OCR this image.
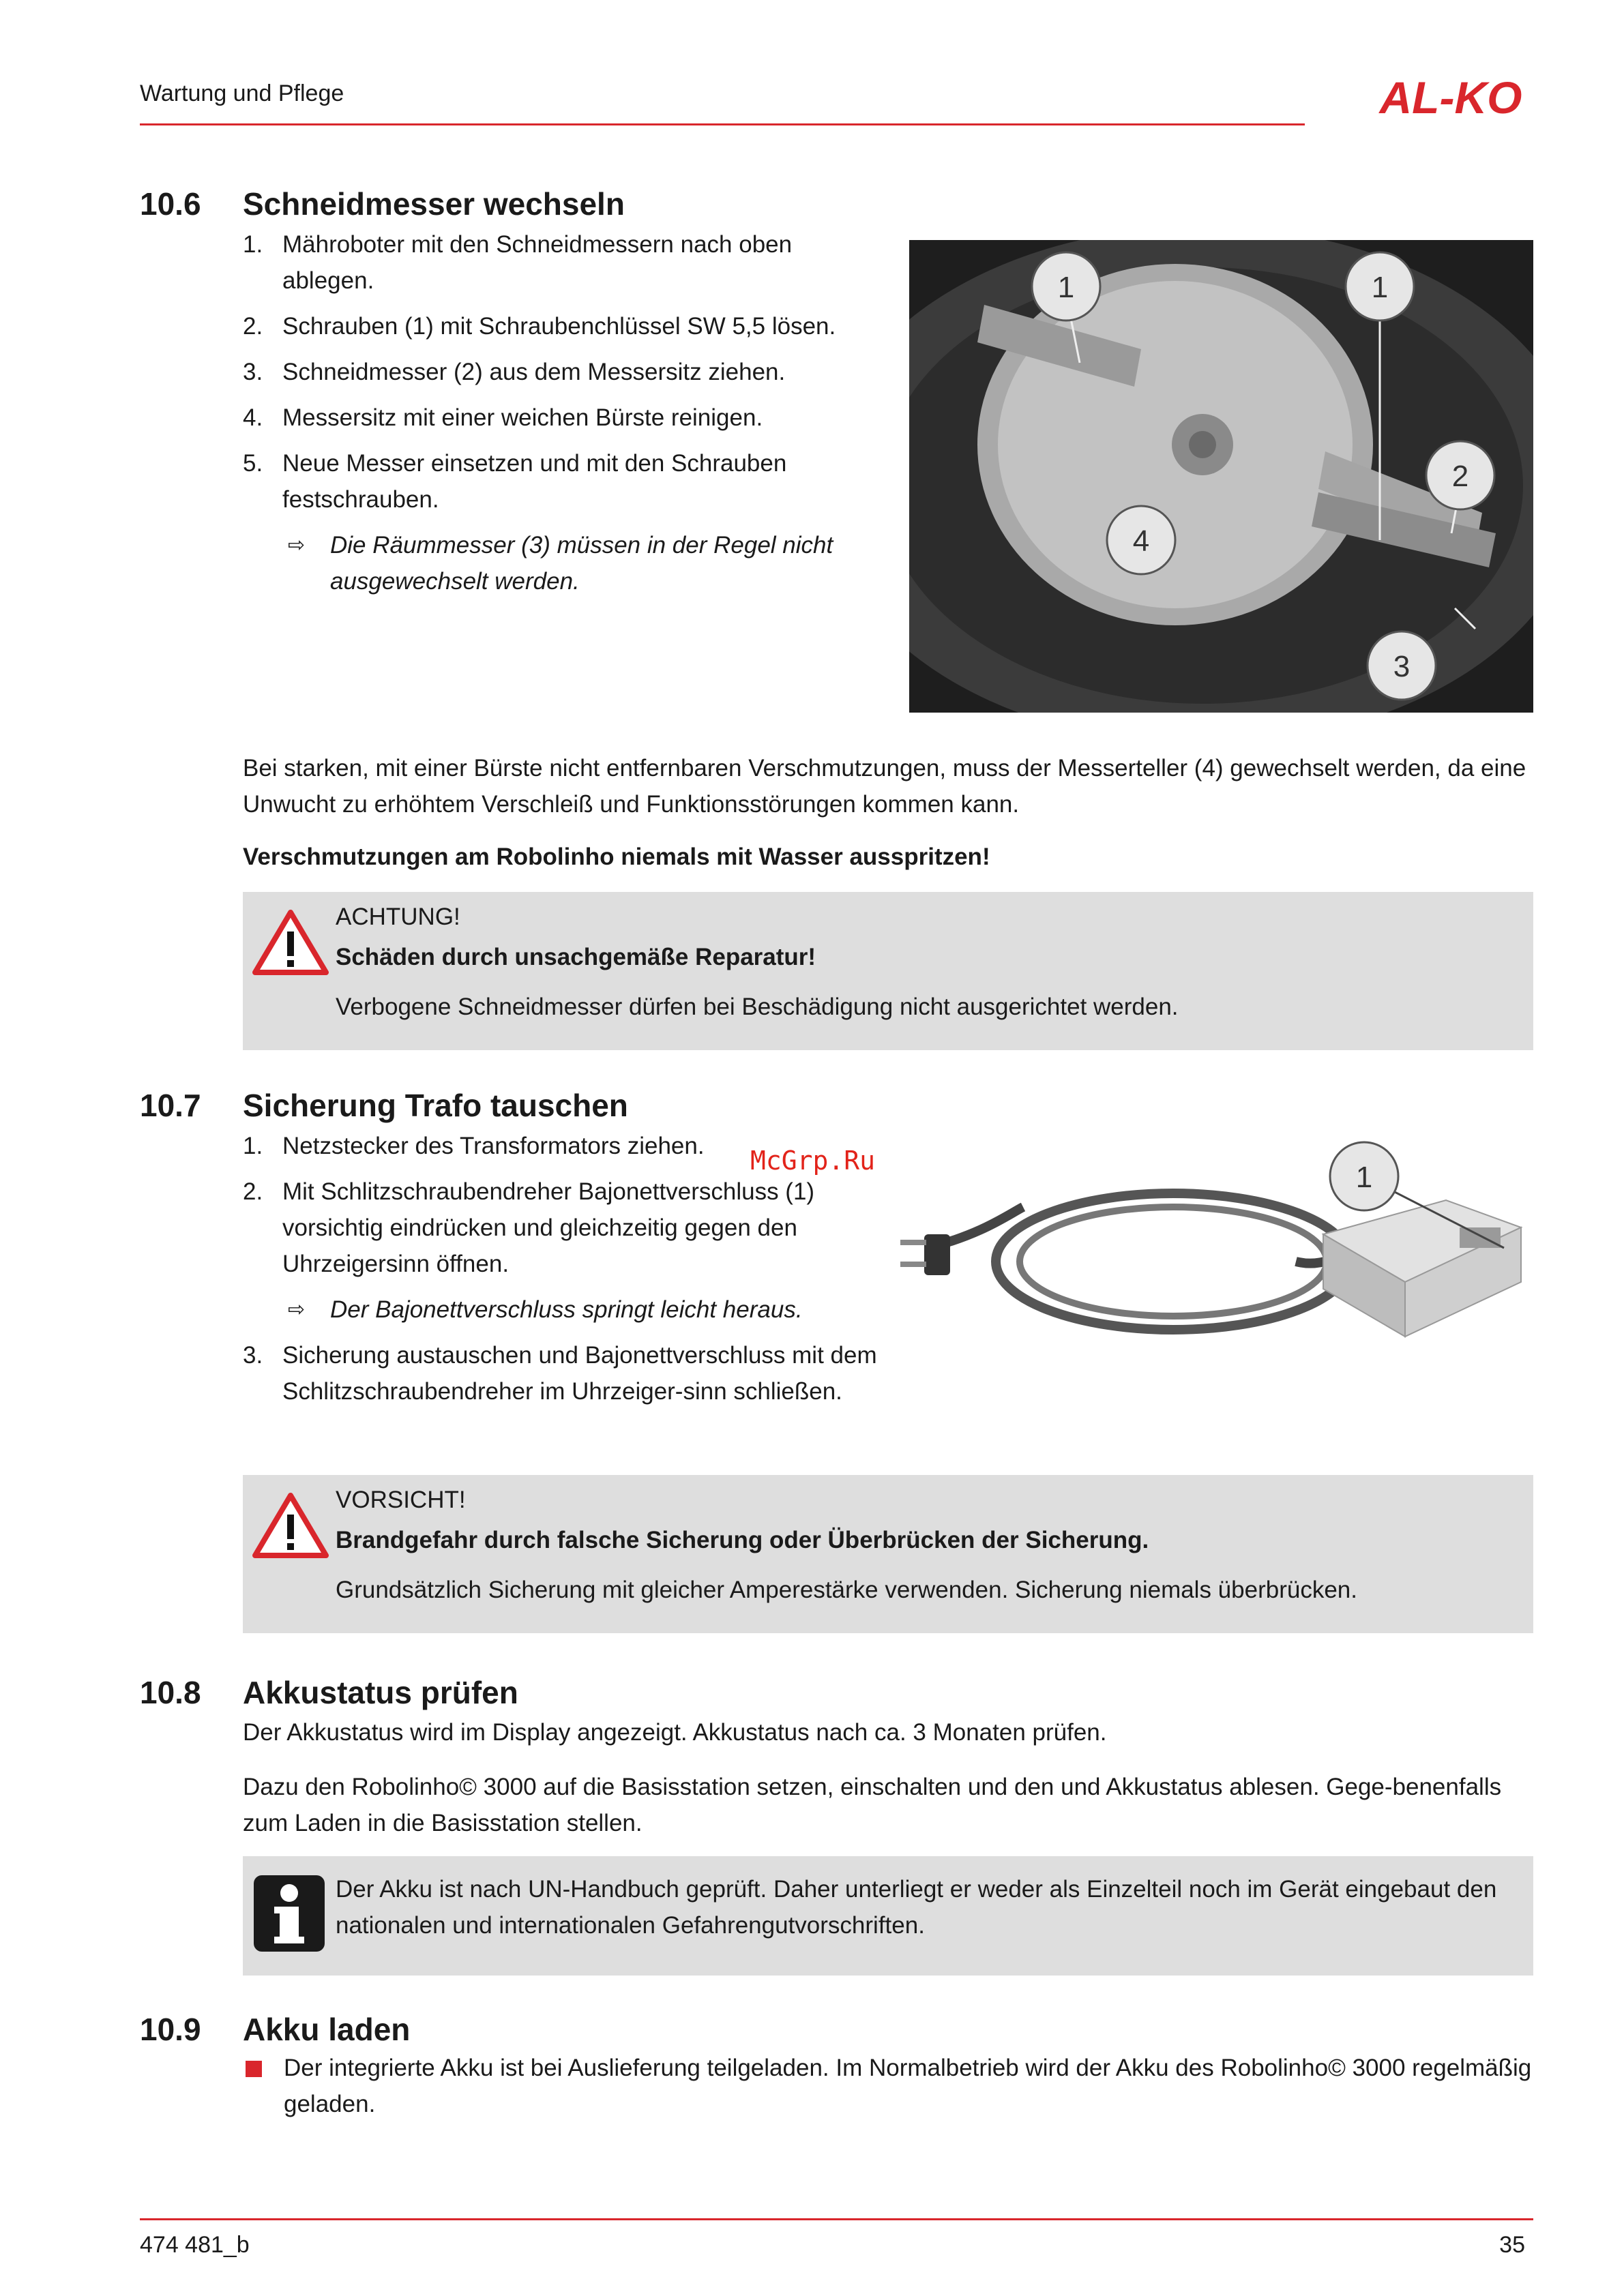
Wartung und Pflege	AL-KO
10.6 Schneidmesser wechseln
1. Mähroboter mit den Schneidmessern nach oben ablegen.
2. Schrauben (1) mit Schraubenchlüssel SW 5,5 lösen.
3. Schneidmesser (2) aus dem Messersitz ziehen.
4. Messersitz mit einer weichen Bürste reinigen.
5. Neue Messer einsetzen und mit den Schrauben festschrauben.
⇨ Die Räummesser (3) müssen in der Regel nicht ausgewechselt werden.
1	1
2
4
3
Bei starken, mit einer Bürste nicht entfernbaren Verschmutzungen, muss der Messerteller (4) gewechselt werden, da eine Unwucht zu erhöhtem Verschleiß und Funktionsstörungen kommen kann.
Verschmutzungen am Robolinho niemals mit Wasser ausspritzen!
ACHTUNG!
Schäden durch unsachgemäße Reparatur!
Verbogene Schneidmesser dürfen bei Beschädigung nicht ausgerichtet werden.
10.7 Sicherung Trafo tauschen
1. Netzstecker des Transformators ziehen.
2. Mit Schlitzschraubendreher Bajonettverschluss (1) vorsichtig eindrücken und gleichzeitig gegen den Uhrzeigersinn öffnen.
⇨ Der Bajonettverschluss springt leicht heraus.
3. Sicherung austauschen und Bajonettverschluss mit dem Schlitzschraubendreher im Uhrzeiger-sinn schließen.
McGrp.Ru	1
VORSICHT!
Brandgefahr durch falsche Sicherung oder Überbrücken der Sicherung.
Grundsätzlich Sicherung mit gleicher Amperestärke verwenden. Sicherung niemals überbrücken.
10.8 Akkustatus prüfen
Der Akkustatus wird im Display angezeigt. Akkustatus nach ca. 3 Monaten prüfen.
Dazu den Robolinho© 3000 auf die Basisstation setzen, einschalten und den und Akkustatus ablesen. Gege-benenfalls zum Laden in die Basisstation stellen.
Der Akku ist nach UN-Handbuch geprüft. Daher unterliegt er weder als Einzelteil noch im Gerät eingebaut den nationalen und internationalen Gefahrengutvorschriften.
10.9 Akku laden
Der integrierte Akku ist bei Auslieferung teilgeladen. Im Normalbetrieb wird der Akku des Robolinho© 3000 regelmäßig geladen.
474 481_b	35
